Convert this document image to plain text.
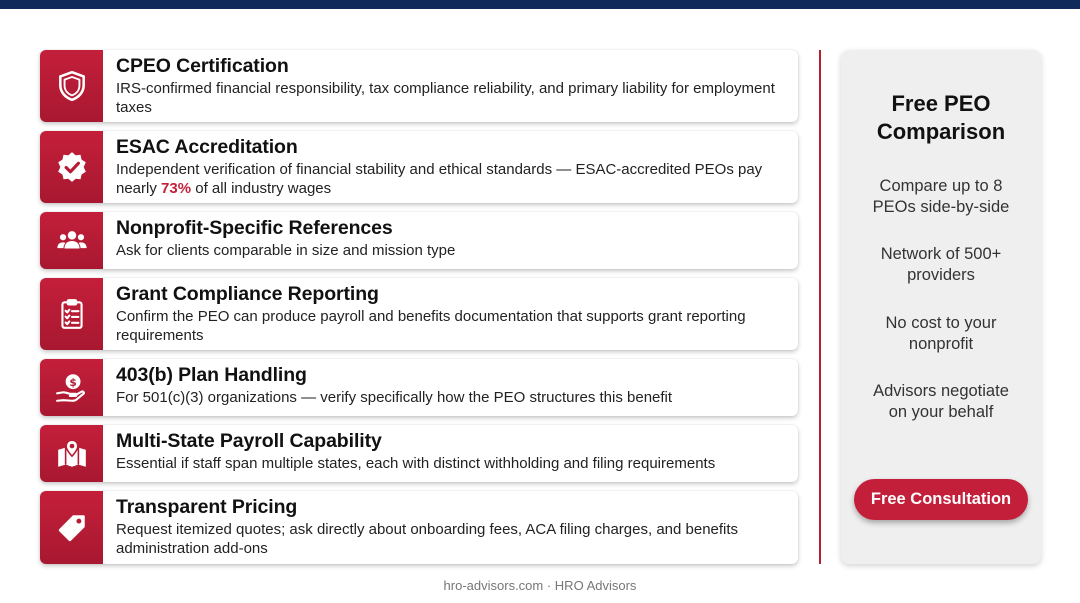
CPEO Certification
IRS-confirmed financial responsibility, tax compliance reliability, and primary liability for employment taxes
ESAC Accreditation
Independent verification of financial stability and ethical standards — ESAC-accredited PEOs pay nearly 73% of all industry wages
Nonprofit-Specific References
Ask for clients comparable in size and mission type
Grant Compliance Reporting
Confirm the PEO can produce payroll and benefits documentation that supports grant reporting requirements
$ 403(b) Plan Handling
For 501(c)(3) organizations — verify specifically how the PEO structures this benefit
Multi-State Payroll Capability
Essential if staff span multiple states, each with distinct withholding and filing requirements
Transparent Pricing
Request itemized quotes; ask directly about onboarding fees, ACA filing charges, and benefits administration add-ons
Free PEO
Comparison
Compare up to 8
PEOs side-by-side
Network of 500+
providers
No cost to your
nonprofit
Advisors negotiate
on your behalf
Free Consultation
hro-advisors.com · HRO Advisors
